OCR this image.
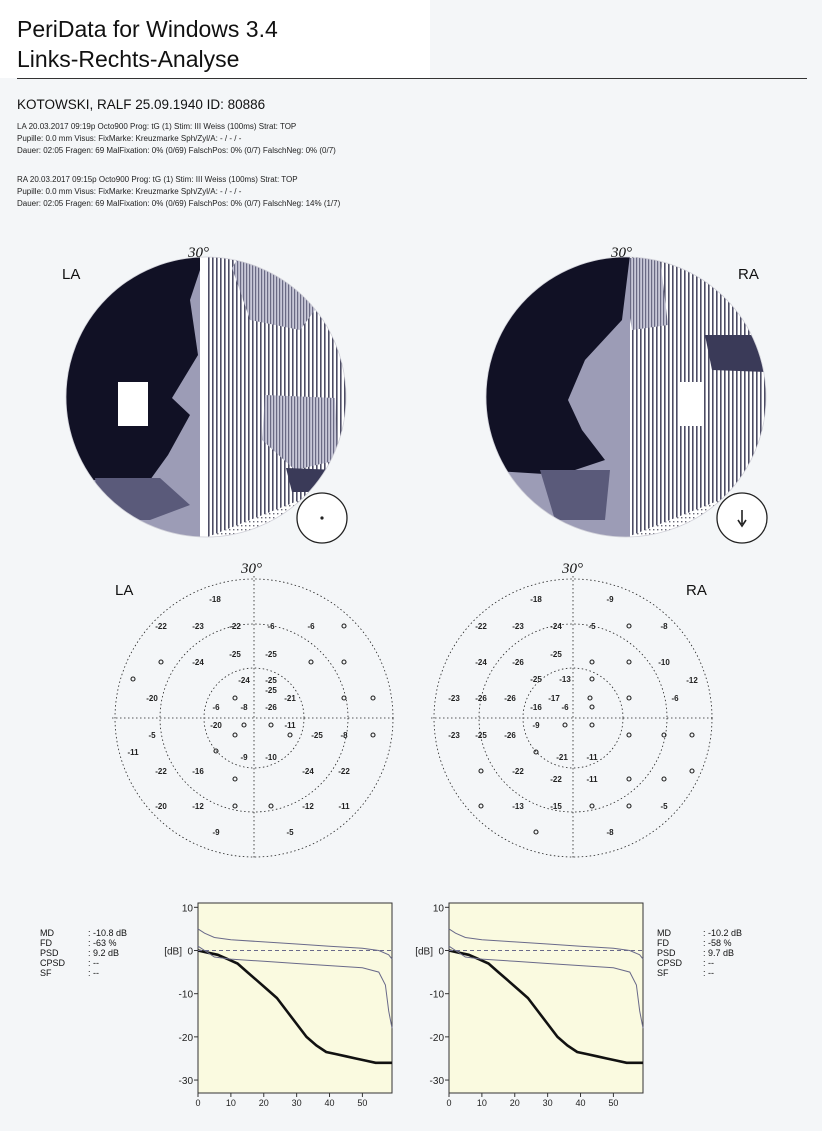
PeriData for Windows 3.4
Links-Rechts-Analyse
KOTOWSKI, RALF 25.09.1940 ID: 80886
LA 20.03.2017 09:19p Octo900 Prog: tG (1) Stim: III Weiss (100ms) Strat: TOP
Pupille: 0.0 mm Visus: FixMarke: Kreuzmarke Sph/Zyl/A: - / - / -
Dauer: 02:05 Fragen: 69 MalFixation: 0% (0/69) FalschPos: 0% (0/7) FalschNeg: 0% (0/7)
RA 20.03.2017 09:15p Octo900 Prog: tG (1) Stim: III Weiss (100ms) Strat: TOP
Pupille: 0.0 mm Visus: FixMarke: Kreuzmarke Sph/Zyl/A: - / - / -
Dauer: 02:05 Fragen: 69 MalFixation: 0% (0/69) FalschPos: 0% (0/7) FalschNeg: 14% (1/7)
-18
-22	-23	-22	-6	-6
-24
-25	-25
-24 -25
-20
-25
-21
-6	-8 -26
-20	-11
-5	-25 -8
-9 -10
-11
-22	-16	-24	-22
-20	-12	-12	-11
-9	-5
-18	-9
-22	-23	-24	-5	-8
-24	-26
-25
-10
-25 -13	-12
-23 -26 -26	-17	-6
-16 -6
-9
-23 -25 -26
-21 -11
-22
-22	-11
-13	-15	-5
-8
10
0
-10
-20
-30
[dB]
0	10	20	30	40	50
10
0
-10
-20
-30
[dB]
0	10	20	30	40	50
LA	RA
30°	30°
LA	RA
30°	30°
MD	: -10.8 dB
FD	: -63 %
PSD	: 9.2 dB
CPSD	: --
SF	: --
MD	: -10.2 dB
FD	: -58 %
PSD	: 9.7 dB
CPSD : --
SF	: --
